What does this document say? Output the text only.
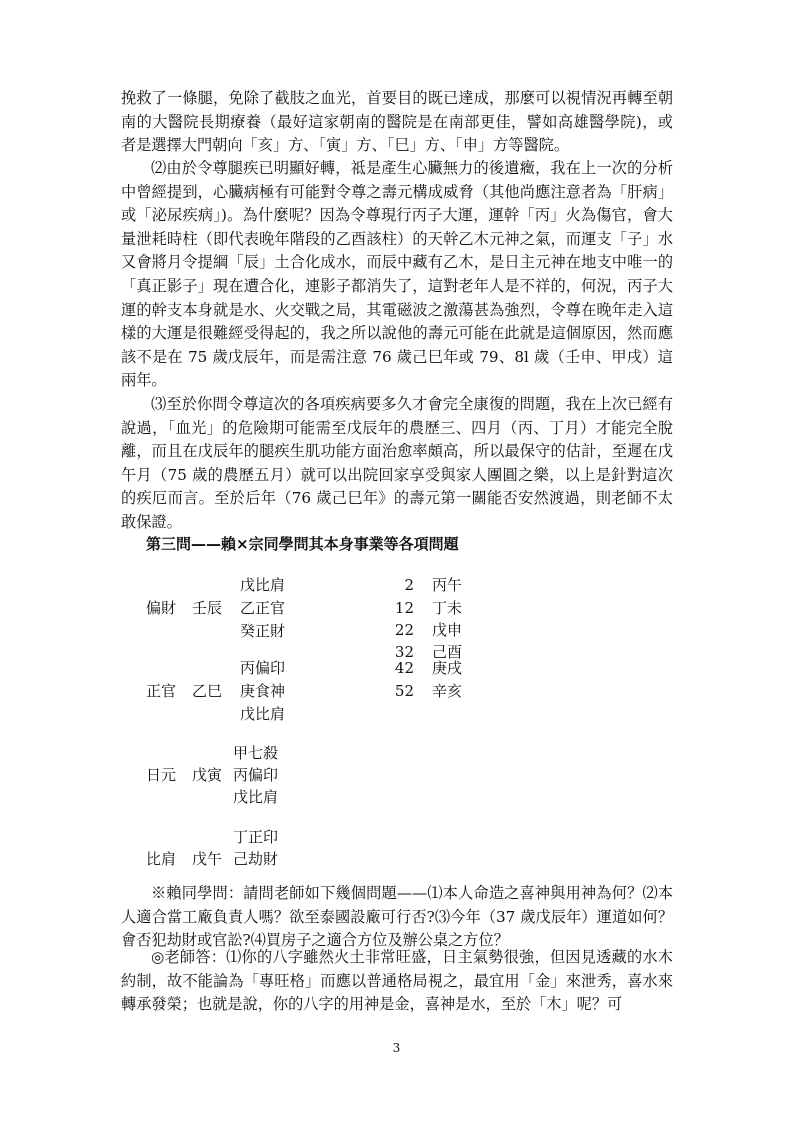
挽救了一條腿，免除了截肢之血光，首要目的既已達成，那麼可以視情況再轉至朝南的大醫院長期療養（最好這家朝南的醫院是在南部更佳，譬如高雄醫學院)，或者是選擇大門朝向「亥」方、「寅」方、「巳」方、「申」方等醫院。

⑵由於令尊腿疾已明顯好轉，祗是產生心臟無力的後遺癥，我在上一次的分析中曾經提到，心臟病極有可能對令尊之壽元構成威脅（其他尚應注意者為「肝病」或「泌尿疾病」)。為什麼呢？因為令尊現行丙子大運，運幹「丙」火為傷官，會大量泄耗時柱（即代表晚年階段的乙酉該柱）的天幹乙木元神之氣，而運支「子」水又會將月令提綱「辰」土合化成水，而辰中藏有乙木，是日主元神在地支中唯一的「真正影子」現在遭合化，連影子都消失了，這對老年人是不祥的，何況，丙子大運的幹支本身就是水、火交戰之局，其電磁波之激蕩甚為強烈，令尊在晚年走入這樣的大運是很難經受得起的，我之所以說他的壽元可能在此就是這個原因，然而應該不是在 75 歲戊辰年，而是需注意 76 歲己巳年或 79、8l 歲（壬申、甲戌）這兩年。

⑶至於你問令尊這次的各項疾病要多久才會完全康復的問題，我在上次已經有說過，「血光」的危險期可能需至戊辰年的農歷三、四月（丙、丁月）才能完全脫離，而且在戊辰年的腿疾生肌功能方面治愈率頗高，所以最保守的估計，至遲在戊午月（75 歲的農歷五月）就可以出院回家享受與家人團圓之樂，以上是針對這次的疾厄而言。至於后年（76 歲己巳年》的壽元第一關能否安然渡過，則老師不太敢保證。

第三問——賴×宗同學問其本身事業等各項問題
戊比肩
偏財 壬辰 乙正官
癸正財
丙偏印
正官 乙巳 庚食神
戊比肩
甲七殺
日元 戊寅 丙偏印
戊比肩
丁正印
比肩 戊午 己劫財
2 丙午
12 丁未
22 戊申
32 己酉
42 庚戌
52 辛亥

※賴同學問：請問老師如下幾個問題——⑴本人命造之喜神與用神為何？⑵本人適合當工廠負責人嗎？欲至泰國設廠可行否?⑶今年（37 歲戊辰年）運道如何？會否犯劫財或官訟?⑷買房子之適合方位及辦公桌之方位？

◎老師答：⑴你的八字雖然火土非常旺盛，日主氣勢很強，但因見透藏的水木約制，故不能論為「專旺格」而應以普通格局視之，最宜用「金」來泄秀，喜水來轉承發榮；也就是說，你的八字的用神是金，喜神是水，至於「木」呢？可

3
